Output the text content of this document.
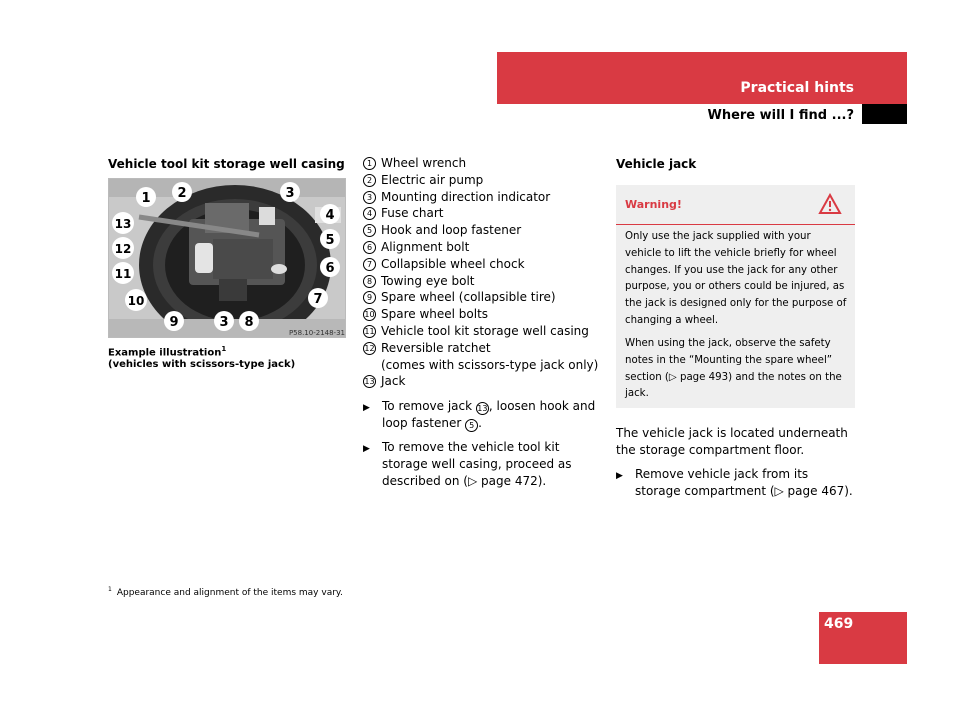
Practical hints
Where will I find ...?
Vehicle tool kit storage well casing
1 2	3
4
5
6
7
8
9
10
11
12
13
3
P58.10-2148-31
Example illustration$^1$
(vehicles with scissors-type jack)
1 Wheel wrench
2 Electric air pump
3 Mounting direction indicator
4 Fuse chart
5 Hook and loop fastener
6 Alignment bolt
7 Collapsible wheel chock
8 Towing eye bolt
9 Spare wheel (collapsible tire)
10 Spare wheel bolts
11 Vehicle tool kit storage well casing
12 Reversible ratchet
(comes with scissors-type jack only)
13 Jack
▶ To remove jack 13, loosen hook and loop fastener 5 .
▶ To remove the vehicle tool kit storage well casing, proceed as described on (▷ page 472).
Vehicle jack
Warning!
Only use the jack supplied with your vehicle to lift the vehicle briefly for wheel changes. If you use the jack for any other purpose, you or others could be injured, as the jack is designed only for the purpose of changing a wheel.
When using the jack, observe the safety notes in the “Mounting the spare wheel” section (▷ page 493) and the notes on the jack.
The vehicle jack is located underneath the storage compartment floor.
▶ Remove vehicle jack from its storage compartment (▷ page 467).
$^1$ Appearance and alignment of the items may vary.
469
